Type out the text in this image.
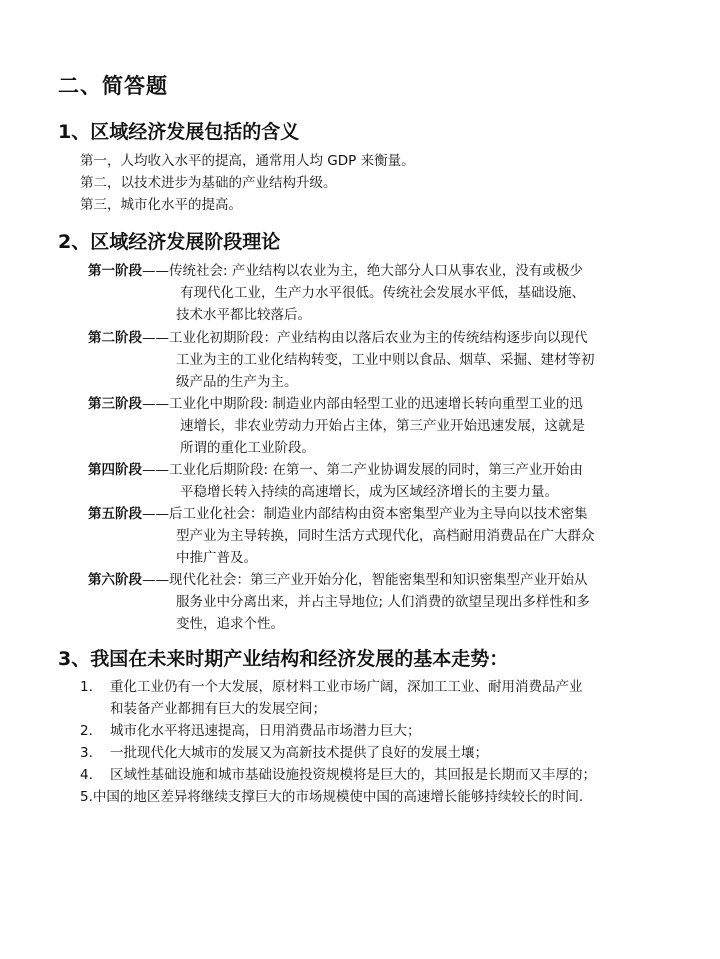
二、简答题
1、区域经济发展包括的含义
第一，人均收入水平的提高，通常用人均 GDP 来衡量。
第二，以技术进步为基础的产业结构升级。
第三，城市化水平的提高。
2、区域经济发展阶段理论
第一阶段——传统社会: 产业结构以农业为主，绝大部分人口从事农业，没有或极少
有现代化工业，生产力水平很低。传统社会发展水平低，基础设施、
技术水平都比较落后。
第二阶段——工业化初期阶段：产业结构由以落后农业为主的传统结构逐步向以现代
工业为主的工业化结构转变，工业中则以食品、烟草、采掘、建材等初
级产品的生产为主。
第三阶段——工业化中期阶段: 制造业内部由轻型工业的迅速增长转向重型工业的迅
速增长，非农业劳动力开始占主体，第三产业开始迅速发展，这就是
所谓的重化工业阶段。
第四阶段——工业化后期阶段: 在第一、第二产业协调发展的同时，第三产业开始由
平稳增长转入持续的高速增长，成为区域经济增长的主要力量。
第五阶段——后工业化社会：制造业内部结构由资本密集型产业为主导向以技术密集
型产业为主导转换，同时生活方式现代化，高档耐用消费品在广大群众
中推广普及。
第六阶段——现代化社会：第三产业开始分化，智能密集型和知识密集型产业开始从
服务业中分离出来，并占主导地位; 人们消费的欲望呈现出多样性和多
变性，追求个性。
3、我国在未来时期产业结构和经济发展的基本走势：
1. 重化工业仍有一个大发展，原材料工业市场广阔，深加工工业、耐用消费品产业
和装备产业都拥有巨大的发展空间；
2. 城市化水平将迅速提高，日用消费品市场潜力巨大；
3. 一批现代化大城市的发展又为高新技术提供了良好的发展土壤；
4. 区域性基础设施和城市基础设施投资规模将是巨大的，其回报是长期而又丰厚的；
5.中国的地区差异将继续支撑巨大的市场规模使中国的高速增长能够持续较长的时间.
